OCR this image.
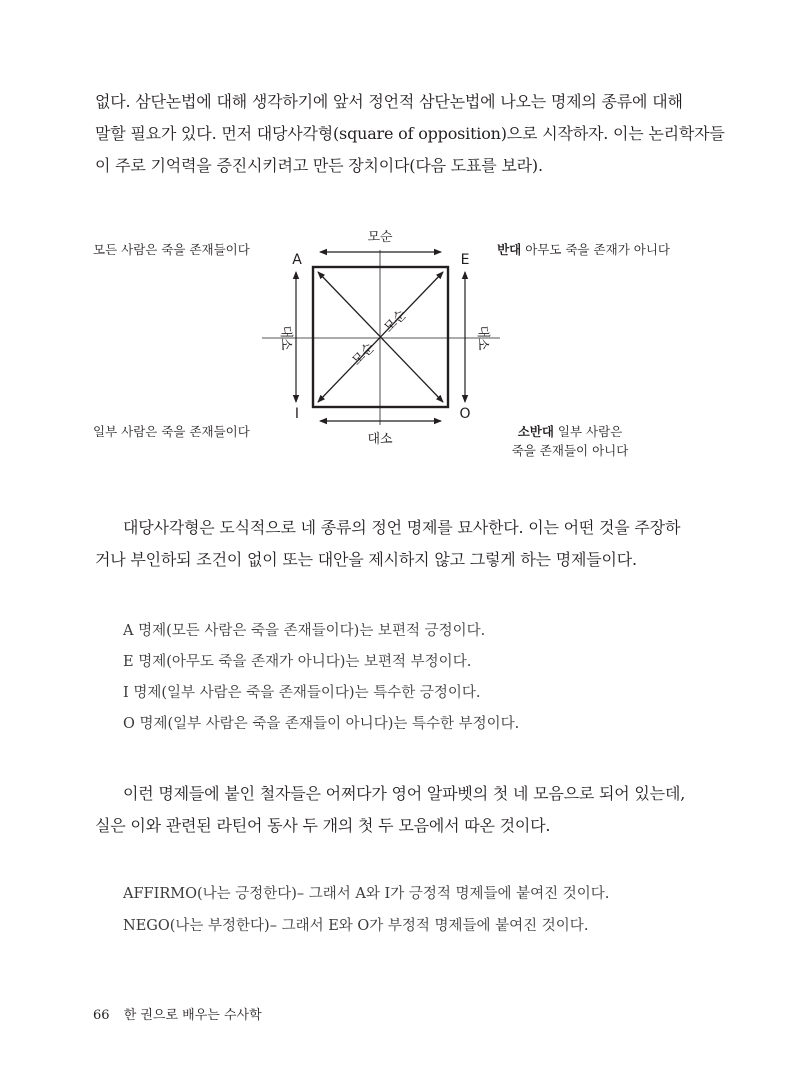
없다. 삼단논법에 대해 생각하기에 앞서 정언적 삼단논법에 나오는 명제의 종류에 대해
말할 필요가 있다. 먼저 대당사각형(square of opposition)으로 시작하자. 이는 논리학자들
이 주로 기억력을 증진시키려고 만든 장치이다(다음 도표를 보라).

모든 사람은 죽을 존재들이다	반대 아무도 죽을 존재가 아니다
일부 사람은 죽을 존재들이다	소반대 일부 사람은
죽을 존재들이 아니다
모순
대소
대소	대소
모순
모순
A	E
I	O

대당사각형은 도식적으로 네 종류의 정언 명제를 묘사한다. 이는 어떤 것을 주장하
거나 부인하되 조건이 없이 또는 대안을 제시하지 않고 그렇게 하는 명제들이다.

A 명제(모든 사람은 죽을 존재들이다)는 보편적 긍정이다.
E 명제(아무도 죽을 존재가 아니다)는 보편적 부정이다.
I 명제(일부 사람은 죽을 존재들이다)는 특수한 긍정이다.
O 명제(일부 사람은 죽을 존재들이 아니다)는 특수한 부정이다.

이런 명제들에 붙인 철자들은 어쩌다가 영어 알파벳의 첫 네 모음으로 되어 있는데,
실은 이와 관련된 라틴어 동사 두 개의 첫 두 모음에서 따온 것이다.

AFFIRMO(나는 긍정한다)– 그래서 A와 I가 긍정적 명제들에 붙여진 것이다.
NEGO(나는 부정한다)– 그래서 E와 O가 부정적 명제들에 붙여진 것이다.
66 한 권으로 배우는 수사학
